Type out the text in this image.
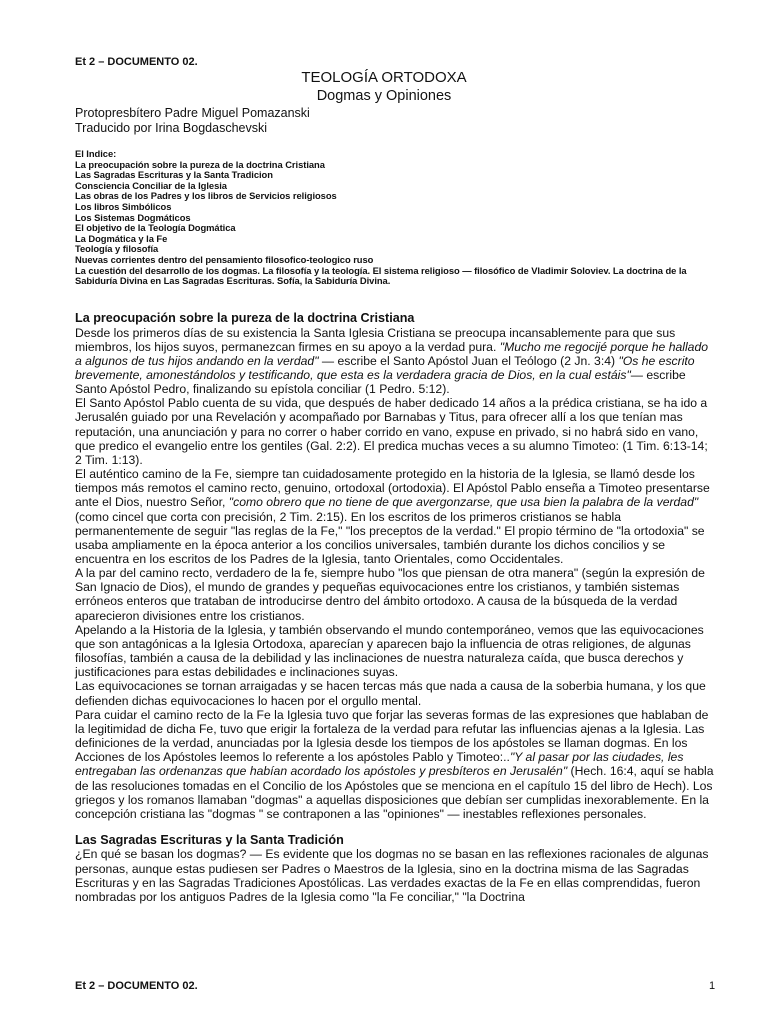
Et 2 – DOCUMENTO 02.
TEOLOGÍA ORTODOXA
Dogmas y Opiniones
Protopresbítero Padre Miguel Pomazanski
Traducido por Irina Bogdaschevski
El Indice:
La preocupación sobre la pureza de la doctrina Cristiana
Las Sagradas Escrituras y la Santa Tradicion
Consciencia Conciliar de la Iglesia
Las obras de los Padres y los libros de Servicios religiosos
Los libros Simbólicos
Los Sistemas Dogmáticos
El objetivo de la Teología Dogmática
La Dogmática y la Fe
Teología y filosofía
Nuevas corrientes dentro del pensamiento filosofico-teologico ruso
La cuestión del desarrollo de los dogmas. La filosofía y la teología. El sistema religioso — filosófico de Vladimir Soloviev. La doctrina de la Sabiduría Divina en Las Sagradas Escrituras. Sofía, la Sabiduría Divina.
La preocupación sobre la pureza de la doctrina Cristiana

Desde los primeros días de su existencia la Santa Iglesia Cristiana se preocupa incansablemente para que sus miembros, los hijos suyos, permanezcan firmes en su apoyo a la verdad pura. "Mucho me regocijé porque he hallado a algunos de tus hijos andando en la verdad" — escribe el Santo Apóstol Juan el Teólogo (2 Jn. 3:4) "Os he escrito brevemente, amonestándolos y testificando, que esta es la verdadera gracia de Dios, en la cual estáis"— escribe Santo Apóstol Pedro, finalizando su epístola conciliar (1 Pedro. 5:12).

El Santo Apóstol Pablo cuenta de su vida, que después de haber dedicado 14 años a la prédica cristiana, se ha ido a Jerusalén guiado por una Revelación y acompañado por Barnabas y Titus, para ofrecer allí a los que tenían mas reputación, una anunciación y para no correr o haber corrido en vano, expuse en privado, si no habrá sido en vano, que predico el evangelio entre los gentiles (Gal. 2:2). El predica muchas veces a su alumno Timoteo: (1 Tim. 6:13-14; 2 Tim. 1:13).

El auténtico camino de la Fe, siempre tan cuidadosamente protegido en la historia de la Iglesia, se llamó desde los tiempos más remotos el camino recto, genuino, ortodoxal (ortodoxia). El Apóstol Pablo enseña a Timoteo presentarse ante el Dios, nuestro Señor, "como obrero que no tiene de que avergonzarse, que usa bien la palabra de la verdad" (como cincel que corta con precisión, 2 Tim. 2:15). En los escritos de los primeros cristianos se habla permanentemente de seguir "las reglas de la Fe," "los preceptos de la verdad." El propio término de "la ortodoxia" se usaba ampliamente en la época anterior a los concilios universales, también durante los dichos concilios y se encuentra en los escritos de los Padres de la Iglesia, tanto Orientales, como Occidentales.

A la par del camino recto, verdadero de la fe, siempre hubo "los que piensan de otra manera" (según la expresión de San Ignacio de Dios), el mundo de grandes y pequeñas equivocaciones entre los cristianos, y también sistemas erróneos enteros que trataban de introducirse dentro del ámbito ortodoxo. A causa de la búsqueda de la verdad aparecieron divisiones entre los cristianos.

Apelando a la Historia de la Iglesia, y también observando el mundo contemporáneo, vemos que las equivocaciones que son antagónicas a la Iglesia Ortodoxa, aparecían y aparecen bajo la influencia de otras religiones, de algunas filosofías, también a causa de la debilidad y las inclinaciones de nuestra naturaleza caída, que busca derechos y justificaciones para estas debilidades e inclinaciones suyas.

Las equivocaciones se tornan arraigadas y se hacen tercas más que nada a causa de la soberbia humana, y los que defienden dichas equivocaciones lo hacen por el orgullo mental.

Para cuidar el camino recto de la Fe la Iglesia tuvo que forjar las severas formas de las expresiones que hablaban de la legitimidad de dicha Fe, tuvo que erigir la fortaleza de la verdad para refutar las influencias ajenas a la Iglesia. Las definiciones de la verdad, anunciadas por la Iglesia desde los tiempos de los apóstoles se llaman dogmas. En los Acciones de los Apóstoles leemos lo referente a los apóstoles Pablo y Timoteo:.."Y al pasar por las ciudades, les entregaban las ordenanzas que habían acordado los apóstoles y presbíteros en Jerusalén" (Hech. 16:4, aquí se habla de las resoluciones tomadas en el Concilio de los Apóstoles que se menciona en el capítulo 15 del libro de Hech). Los griegos y los romanos llamaban "dogmas" a aquellas disposiciones que debían ser cumplidas inexorablemente. En la concepción cristiana las "dogmas " se contraponen a las "opiniones" — inestables reflexiones personales.

Las Sagradas Escrituras y la Santa Tradición

¿En qué se basan los dogmas? — Es evidente que los dogmas no se basan en las reflexiones racionales de algunas personas, aunque estas pudiesen ser Padres o Maestros de la Iglesia, sino en la doctrina misma de las Sagradas Escrituras y en las Sagradas Tradiciones Apostólicas. Las verdades exactas de la Fe en ellas comprendidas, fueron nombradas por los antiguos Padres de la Iglesia como "la Fe conciliar," "la Doctrina

Et 2 – DOCUMENTO 02.	1
